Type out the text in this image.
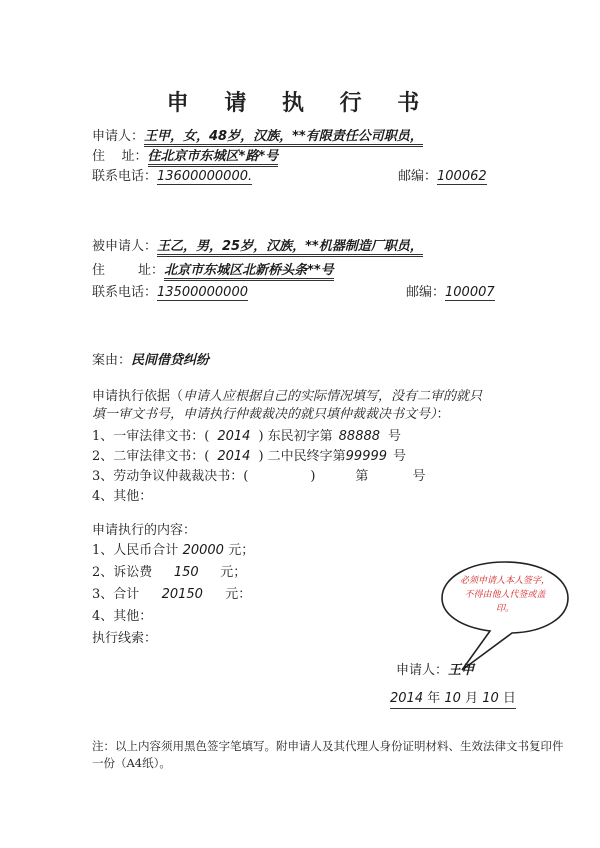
申 请 执 行 书
申请人：王甲，女，48岁，汉族，**有限责任公司职员，
住    址：住北京市东城区*路*号
联系电话：13600000000.	邮编：100062
被申请人：王乙，男，25岁，汉族，**机器制造厂职员，
住        址：北京市东城区北新桥头条**号
联系电话：13500000000	邮编：100007
案由：民间借贷纠纷
申请执行依据（申请人应根据自己的实际情况填写，没有二审的就只
填一审文书号，申请执行仲裁裁决的就只填仲裁裁决书文号）：
1、一审法律文书：( 2014 ) 东民初字第 88888 号
2、二审法律文书：( 2014 ) 二中民终字第99999 号
3、劳动争议仲裁裁决书：(	)	第	号
4、其他：
申请执行的内容：
1、人民币合计 20000 元；
2、诉讼费 150 元；
3、合计 20150 元：
4、其他：
执行线索：
必须申请人本人签字，不得由他人代签或盖印。
申请人：王甲
2014 年 10 月 10 日
注：以上内容须用黑色签字笔填写。附申请人及其代理人身份证明材料、生效法律文书复印件一份（A4纸）。
